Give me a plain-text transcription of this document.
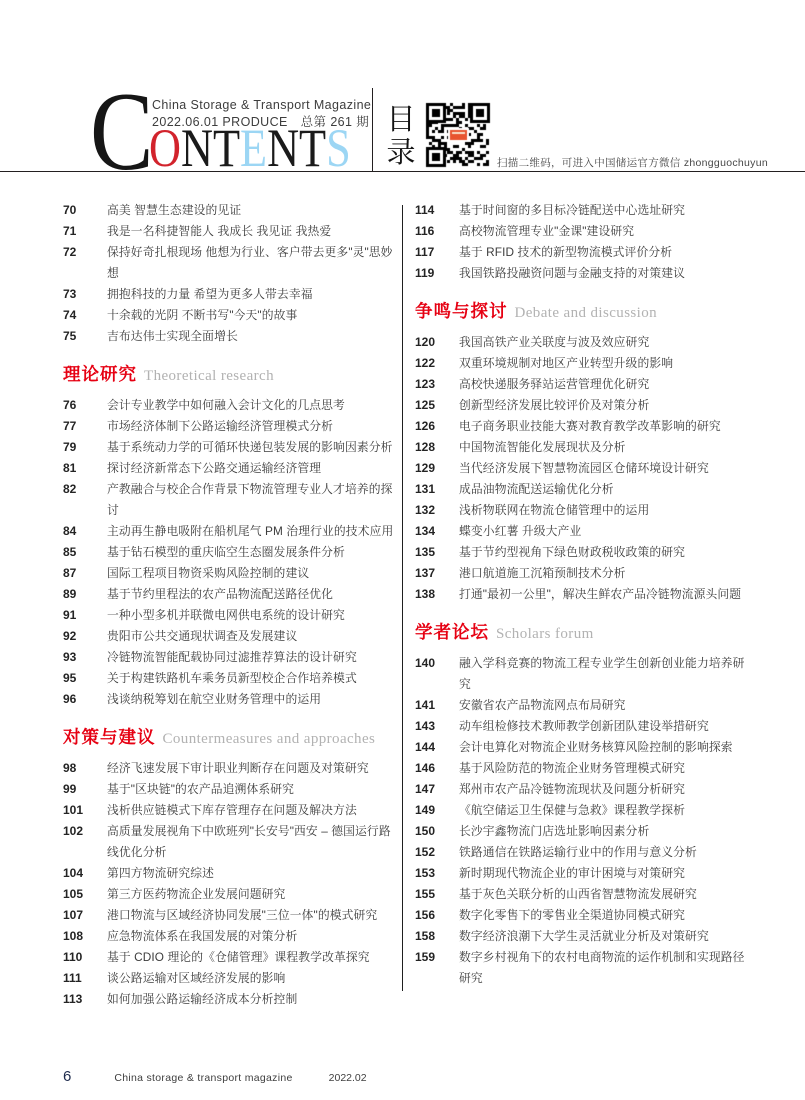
C
ONTENTS
China Storage & Transport Magazine
2022.06.01 PRODUCE　总第 261 期 目
录	扫描二维码，可进入中国储运官方微信 zhongguochuyun
70	高美 智慧生态建设的见证
71	我是一名科捷智能人 我成长 我见证 我热爱
72	保持好奇扎根现场 他想为行业、客户带去更多"灵"思妙想
73	拥抱科技的力量 希望为更多人带去幸福
74	十余载的光阴 不断书写"今天"的故事
75	吉布达伟士实现全面增长
理论研究 Theoretical research
76	会计专业教学中如何融入会计文化的几点思考
77	市场经济体制下公路运输经济管理模式分析
79	基于系统动力学的可循环快递包装发展的影响因素分析
81	探讨经济新常态下公路交通运输经济管理
82	产教融合与校企合作背景下物流管理专业人才培养的探讨
84	主动再生静电吸附在船机尾气 PM 治理行业的技术应用
85	基于钻石模型的重庆临空生态圈发展条件分析
87	国际工程项目物资采购风险控制的建议
89	基于节约里程法的农产品物流配送路径优化
91	一种小型多机并联微电网供电系统的设计研究
92	贵阳市公共交通现状调查及发展建议
93	冷链物流智能配载协同过滤推荐算法的设计研究
95	关于构建铁路机车乘务员新型校企合作培养模式
96	浅谈纳税筹划在航空业财务管理中的运用
对策与建议 Countermeasures and approaches
98	经济飞速发展下审计职业判断存在问题及对策研究
99	基于"区块链"的农产品追溯体系研究
101	浅析供应链模式下库存管理存在问题及解决方法
102	高质量发展视角下中欧班列"长安号"西安 – 德国运行路线优化分析
104	第四方物流研究综述
105	第三方医药物流企业发展问题研究
107	港口物流与区域经济协同发展"三位一体"的模式研究
108	应急物流体系在我国发展的对策分析
110	基于 CDIO 理论的《仓储管理》课程教学改革探究
111	谈公路运输对区域经济发展的影响
113	如何加强公路运输经济成本分析控制
114	基于时间窗的多目标冷链配送中心选址研究
116	高校物流管理专业"金课"建设研究
117	基于 RFID 技术的新型物流模式评价分析
119	我国铁路投融资问题与金融支持的对策建议
争鸣与探讨 Debate and discussion
120	我国高铁产业关联度与波及效应研究
122	双重环境规制对地区产业转型升级的影响
123	高校快递服务驿站运营管理优化研究
125	创新型经济发展比较评价及对策分析
126	电子商务职业技能大赛对教育教学改革影响的研究
128	中国物流智能化发展现状及分析
129	当代经济发展下智慧物流园区仓储环境设计研究
131	成品油物流配送运输优化分析
132	浅析物联网在物流仓储管理中的运用
134	蝶变小红薯 升级大产业
135	基于节约型视角下绿色财政税收政策的研究
137	港口航道施工沉箱预制技术分析
138	打通"最初一公里"，解决生鲜农产品冷链物流源头问题
学者论坛 Scholars forum
140	融入学科竞赛的物流工程专业学生创新创业能力培养研究
141	安徽省农产品物流网点布局研究
143	动车组检修技术教师教学创新团队建设举措研究
144	会计电算化对物流企业财务核算风险控制的影响探索
146	基于风险防范的物流企业财务管理模式研究
147	郑州市农产品冷链物流现状及问题分析研究
149	《航空储运卫生保健与急救》课程教学探析
150	长沙宇鑫物流门店选址影响因素分析
152	铁路通信在铁路运输行业中的作用与意义分析
153	新时期现代物流企业的审计困境与对策研究
155	基于灰色关联分析的山西省智慧物流发展研究
156	数字化零售下的零售业全渠道协同模式研究
158	数字经济浪潮下大学生灵活就业分析及对策研究
159	数字乡村视角下的农村电商物流的运作机制和实现路径研究
6	China storage & transport magazine	2022.02
